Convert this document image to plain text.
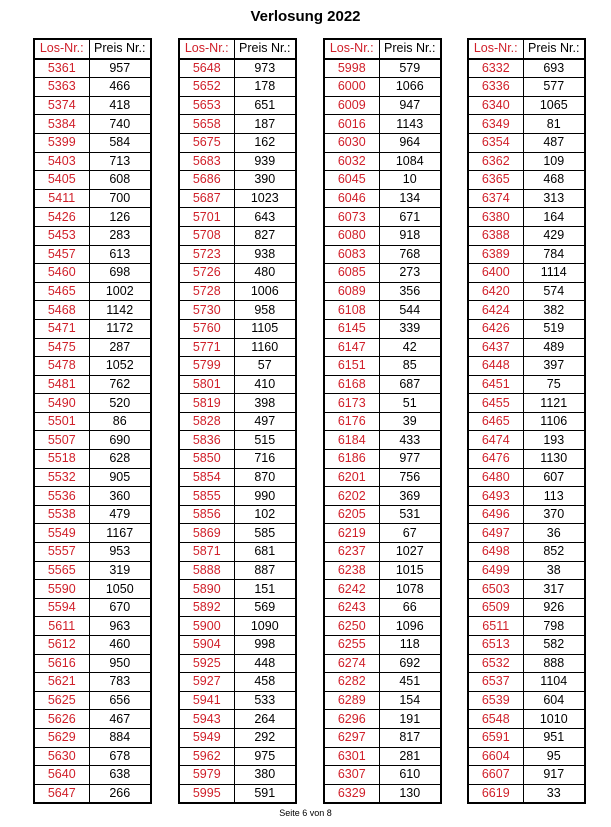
Verlosung 2022
Los-Nr.:	Preis Nr.:
5361	957
5363	466
5374	418
5384	740
5399	584
5403	713
5405	608
5411	700
5426	126
5453	283
5457	613
5460	698
5465	1002
5468	1142
5471	1172
5475	287
5478	1052
5481	762
5490	520
5501	86
5507	690
5518	628
5532	905
5536	360
5538	479
5549	1167
5557	953
5565	319
5590	1050
5594	670
5611	963
5612	460
5616	950
5621	783
5625	656
5626	467
5629	884
5630	678
5640	638
5647	266
Los-Nr.:	Preis Nr.:
5648	973
5652	178
5653	651
5658	187
5675	162
5683	939
5686	390
5687	1023
5701	643
5708	827
5723	938
5726	480
5728	1006
5730	958
5760	1105
5771	1160
5799	57
5801	410
5819	398
5828	497
5836	515
5850	716
5854	870
5855	990
5856	102
5869	585
5871	681
5888	887
5890	151
5892	569
5900	1090
5904	998
5925	448
5927	458
5941	533
5943	264
5949	292
5962	975
5979	380
5995	591
Los-Nr.:	Preis Nr.:
5998	579
6000	1066
6009	947
6016	1143
6030	964
6032	1084
6045	10
6046	134
6073	671
6080	918
6083	768
6085	273
6089	356
6108	544
6145	339
6147	42
6151	85
6168	687
6173	51
6176	39
6184	433
6186	977
6201	756
6202	369
6205	531
6219	67
6237	1027
6238	1015
6242	1078
6243	66
6250	1096
6255	118
6274	692
6282	451
6289	154
6296	191
6297	817
6301	281
6307	610
6329	130
Los-Nr.:	Preis Nr.:
6332	693
6336	577
6340	1065
6349	81
6354	487
6362	109
6365	468
6374	313
6380	164
6388	429
6389	784
6400	1114
6420	574
6424	382
6426	519
6437	489
6448	397
6451	75
6455	1121
6465	1106
6474	193
6476	1130
6480	607
6493	113
6496	370
6497	36
6498	852
6499	38
6503	317
6509	926
6511	798
6513	582
6532	888
6537	1104
6539	604
6548	1010
6591	951
6604	95
6607	917
6619	33
Seite 6 von 8
